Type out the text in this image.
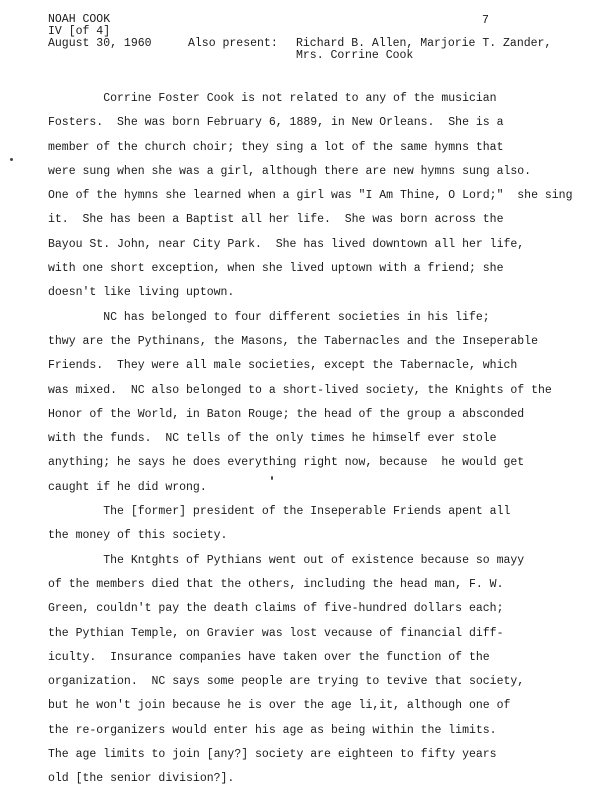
NOAH COOK
IV [of 4]
August 30, 1960	Also present: Richard B. Allen, Marjorie T. Zander,
Mrs. Corrine Cook
7
Corrine Foster Cook is not related to any of the musician
Fosters.  She was born February 6, 1889, in New Orleans.  She is a
member of the church choir; they sing a lot of the same hymns that
were sung when she was a girl, although there are new hymns sung also.
One of the hymns she learned when a girl was "I Am Thine, O Lord;"  she sing
it.  She has been a Baptist all her life.  She was born across the
Bayou St. John, near City Park.  She has lived downtown all her life,
with one short exception, when she lived uptown with a friend; she
doesn't like living uptown.
NC has belonged to four different societies in his life;
thwy are the Pythinans, the Masons, the Tabernacles and the Inseperable
Friends.  They were all male societies, except the Tabernacle, which
was mixed.  NC also belonged to a short-lived society, the Knights of the
Honor of the World, in Baton Rouge; the head of the group a absconded
with the funds.  NC tells of the only times he himself ever stole
anything; he says he does everything right now, because  he would get
caught if he did wrong.
The [former] president of the Inseperable Friends apent all
the money of this society.
The Kntghts of Pythians went out of existence because so mayy
of the members died that the others, including the head man, F. W.
Green, couldn't pay the death claims of five-hundred dollars each;
the Pythian Temple, on Gravier was lost vecause of financial diff-
iculty.  Insurance companies have taken over the function of the
organization.  NC says some people are trying to tevive that society,
but he won't join because he is over the age li,it, although one of
the re-organizers would enter his age as being within the limits.
The age limits to join [any?] society are eighteen to fifty years
old [the senior division?].
